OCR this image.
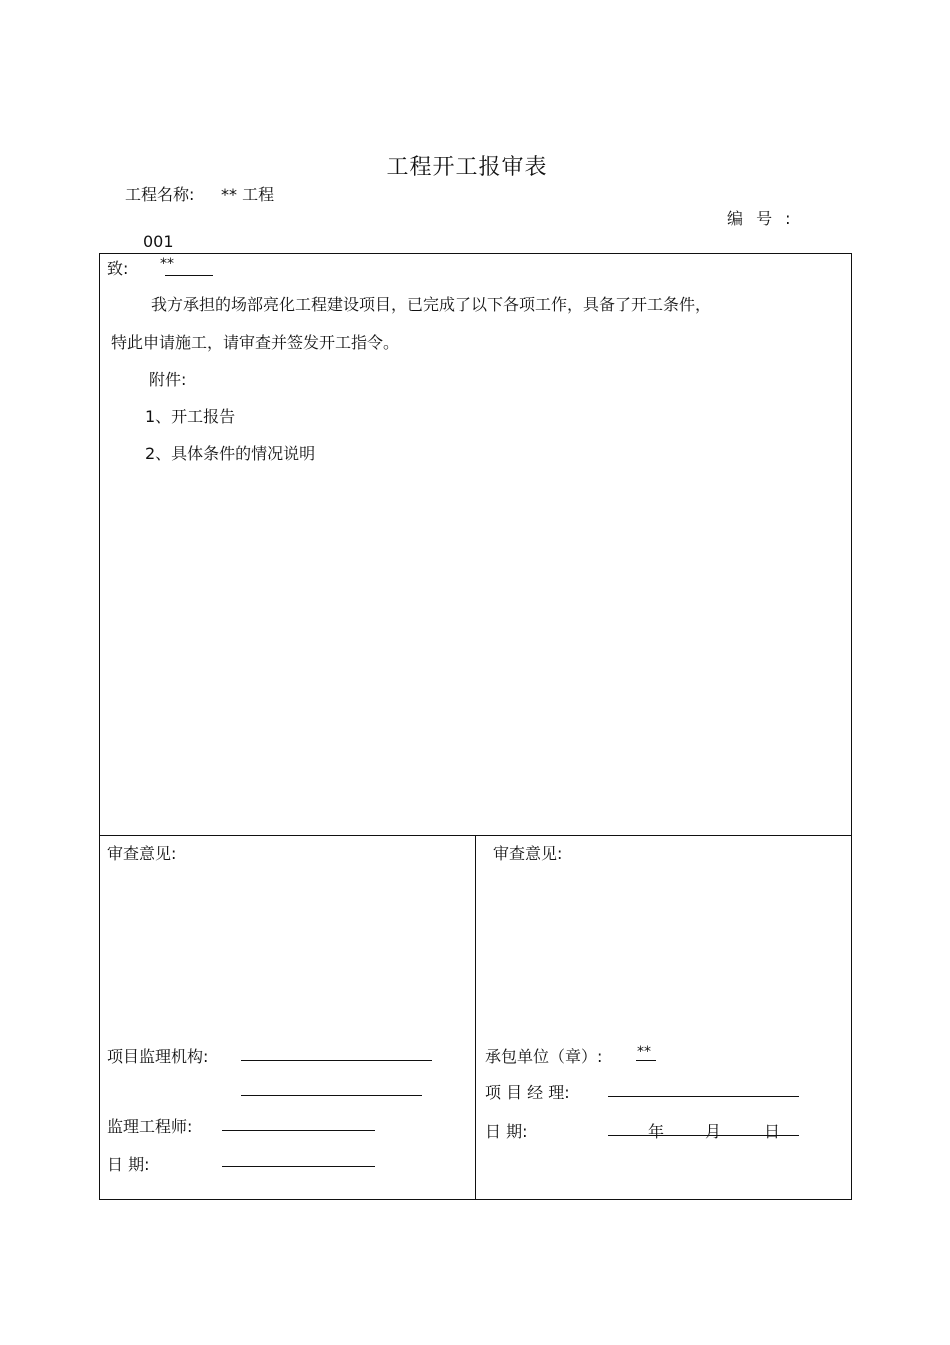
工程开工报审表
工程名称: ** 工程
编 号 :
001
致: **
我方承担的场部亮化工程建设项目，已完成了以下各项工作，具备了开工条件，
特此申请施工，请审查并签发开工指令。
附件:
1、开工报告
2、具体条件的情况说明
审查意见:
项目监理机构:
监理工程师:
日 期:
审查意见:
承包单位（章）: **
项 目 经 理:
日 期:	年	月	日
